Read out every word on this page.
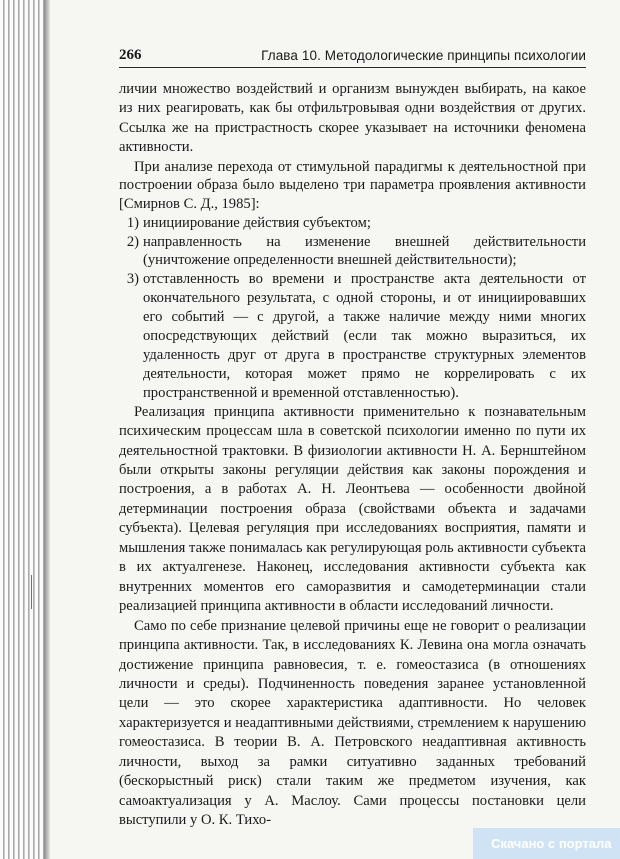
266	Глава 10. Методологические принципы психологии

личии множество воздействий и организм вынужден выбирать, на какое из них реагировать, как бы отфильтровывая одни воздействия от других. Ссылка же на пристрастность скорее указывает на источники феномена активности.

При анализе перехода от стимульной парадигмы к деятельностной при построении образа было выделено три параметра проявления активности [Смирнов С. Д., 1985]:

1) инициирование действия субъектом;
2) направленность на изменение внешней действительности (уничтожение определенности внешней действительности);
3) отставленность во времени и пространстве акта деятельности от окончательного результата, с одной стороны, и от инициировавших его событий — с другой, а также наличие между ними многих опосредствующих действий (если так можно выразиться, их удаленность друг от друга в пространстве структурных элементов деятельности, которая может прямо не коррелировать с их пространственной и временной отставленностью).

Реализация принципа активности применительно к познавательным психическим процессам шла в советской психологии именно по пути их деятельностной трактовки. В физиологии активности Н. А. Бернштейном были открыты законы регуляции действия как законы порождения и построения, а в работах А. Н. Леонтьева — особенности двойной детерминации построения образа (свойствами объекта и задачами субъекта). Целевая регуляция при исследованиях восприятия, памяти и мышления также понималась как регулирующая роль активности субъекта в их актуалгенезе. Наконец, исследования активности субъекта как внутренних моментов его саморазвития и самодетерминации стали реализацией принципа активности в области исследований личности.

Само по себе признание целевой причины еще не говорит о реализации принципа активности. Так, в исследованиях К. Левина она могла означать достижение принципа равновесия, т. е. гомеостазиса (в отношениях личности и среды). Подчиненность поведения заранее установленной цели — это скорее характеристика адаптивности. Но человек характеризуется и неадаптивными действиями, стремлением к нарушению гомеостазиса. В теории В. А. Петровского неадаптивная активность личности, выход за рамки ситуативно заданных требований (бескорыстный риск) стали таким же предметом изучения, как самоактуализация у А. Маслоу. Сами процессы постановки цели выступили у О. К. Тихо-

Скачано с портала
